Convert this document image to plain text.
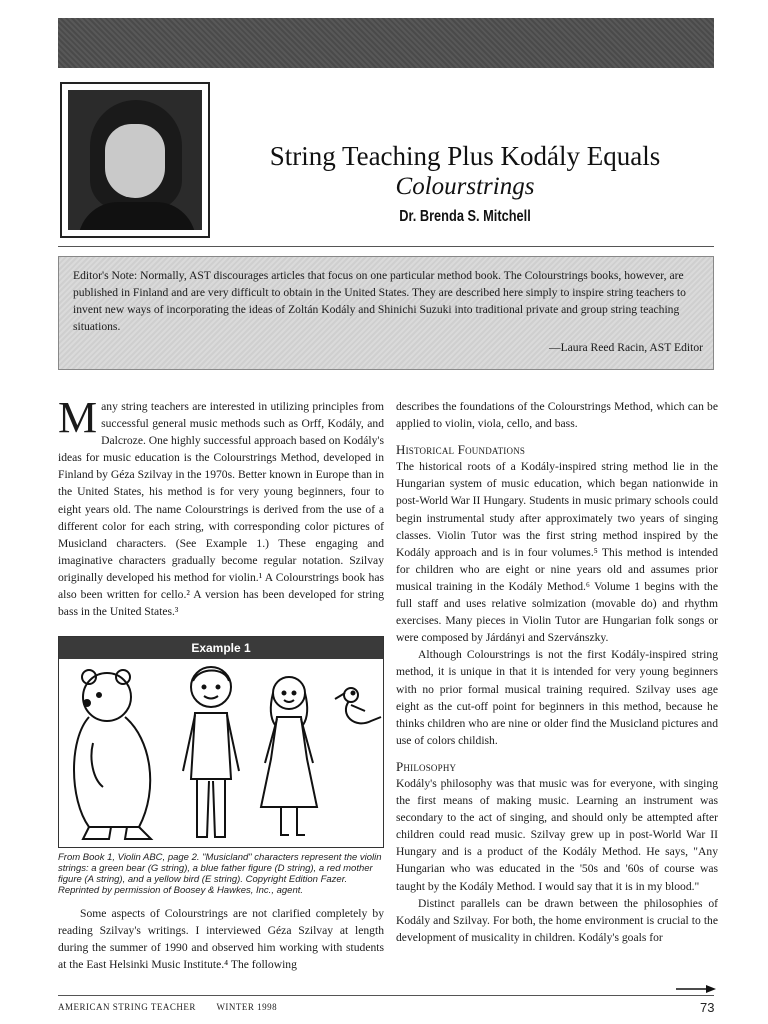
String Teaching Plus Kodály Equals
Colourstrings
Dr. Brenda S. Mitchell
Editor's Note: Normally, AST discourages articles that focus on one particular method book. The Colourstrings books, however, are published in Finland and are very difficult to obtain in the United States. They are described here simply to inspire string teachers to invent new ways of incorporating the ideas of Zoltán Kodály and Shinichi Suzuki into traditional private and group string teaching situations.
—Laura Reed Racin, AST Editor
M any string teachers are interested in utilizing principles from successful general music methods such as Orff, Kodály, and Dalcroze. One highly successful approach based on Kodály's ideas for music education is the Colourstrings Method, developed in Finland by Géza Szilvay in the 1970s. Better known in Europe than in the United States, his method is for very young beginners, four to eight years old. The name Colourstrings is derived from the use of a different color for each string, with corresponding color pictures of Musicland characters. (See Example 1.) These engaging and imaginative characters gradually become regular notation. Szilvay originally developed his method for violin.¹ A Colourstrings book has also been written for cello.² A version has been developed for string bass in the United States.³
Example 1
From Book 1, Violin ABC, page 2. "Musicland" characters represent the violin strings: a green bear (G string), a blue father figure (D string), a red mother figure (A string), and a yellow bird (E string). Copyright Edition Fazer. Reprinted by permission of Boosey & Hawkes, Inc., agent.
Some aspects of Colourstrings are not clarified completely by reading Szilvay's writings. I interviewed Géza Szilvay at length during the summer of 1990 and observed him working with students at the East Helsinki Music Institute.⁴ The following
describes the foundations of the Colourstrings Method, which can be applied to violin, viola, cello, and bass.
Historical Foundations
The historical roots of a Kodály-inspired string method lie in the Hungarian system of music education, which began nationwide in post-World War II Hungary. Students in music primary schools could begin instrumental study after approximately two years of singing classes. Violin Tutor was the first string method inspired by the Kodály approach and is in four volumes.⁵ This method is intended for children who are eight or nine years old and assumes prior musical training in the Kodály Method.⁶ Volume 1 begins with the full staff and uses relative solmization (movable do) and rhythm exercises. Many pieces in Violin Tutor are Hungarian folk songs or were composed by Járdányi and Szervánszky.
Although Colourstrings is not the first Kodály-inspired string method, it is unique in that it is intended for very young beginners with no prior formal musical training required. Szilvay uses age eight as the cut-off point for beginners in this method, because he thinks children who are nine or older find the Musicland pictures and use of colors childish.
Philosophy
Kodály's philosophy was that music was for everyone, with singing the first means of making music. Learning an instrument was secondary to the act of singing, and should only be attempted after children could read music. Szilvay grew up in post-World War II Hungary and is a product of the Kodály Method. He says, "Any Hungarian who was educated in the '50s and '60s of course was taught by the Kodály Method. I would say that it is in my blood."
Distinct parallels can be drawn between the philosophies of Kodály and Szilvay. For both, the home environment is crucial to the development of musicality in children. Kodály's goals for
AMERICAN STRING TEACHER WINTER 1998	73
